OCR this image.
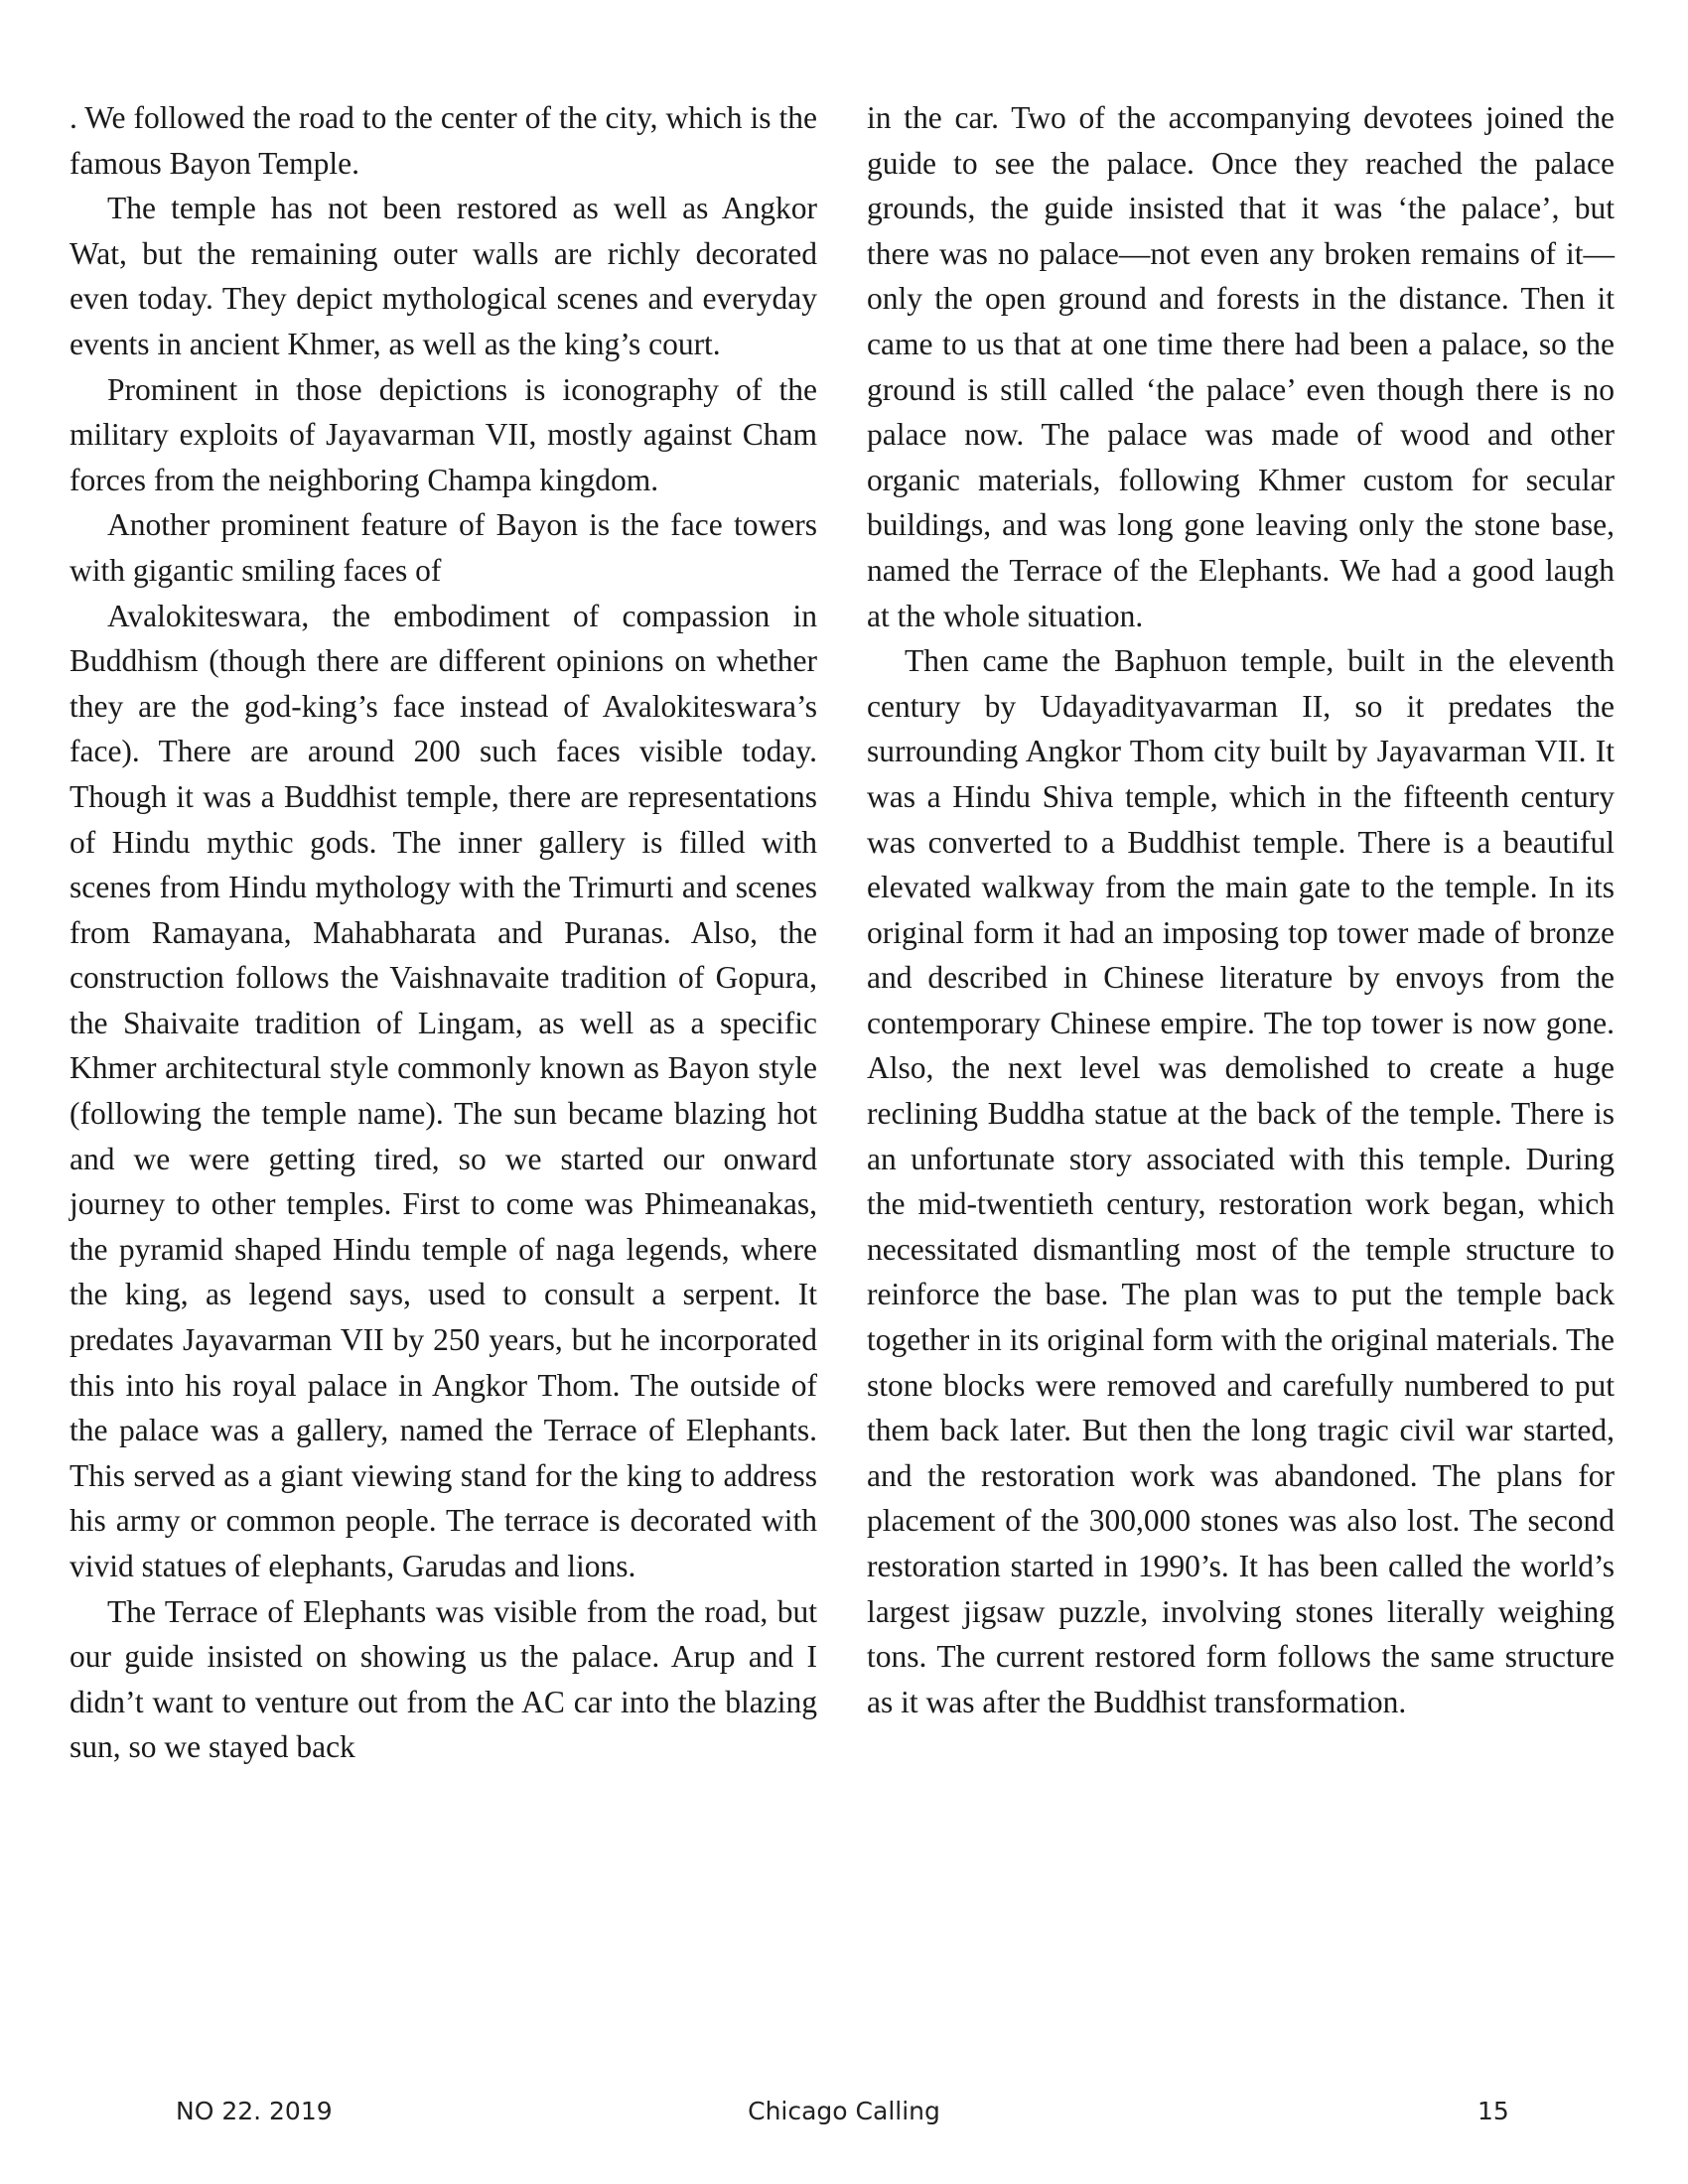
. We followed the road to the center of the city, which is the famous Bayon Temple.

The temple has not been restored as well as Angkor Wat, but the remaining outer walls are richly decorated even today. They depict mythological scenes and everyday events in ancient Khmer, as well as the king’s court.

Prominent in those depictions is iconography of the military exploits of Jayavarman VII, mostly against Cham forces from the neighboring Champa kingdom.

Another prominent feature of Bayon is the face towers with gigantic smiling faces of

Avalokiteswara, the embodiment of compassion in Buddhism (though there are different opinions on whether they are the god-king’s face instead of Avalokiteswara’s face). There are around 200 such faces visible today. Though it was a Buddhist temple, there are representations of Hindu mythic gods. The inner gallery is filled with scenes from Hindu mythology with the Trimurti and scenes from Ramayana, Mahabharata and Puranas. Also, the construction follows the Vaishnavaite tradition of Gopura, the Shaivaite tradition of Lingam, as well as a specific Khmer architectural style commonly known as Bayon style (following the temple name). The sun became blazing hot and we were getting tired, so we started our onward journey to other temples. First to come was Phimeanakas, the pyramid shaped Hindu temple of naga legends, where the king, as legend says, used to consult a serpent. It predates Jayavarman VII by 250 years, but he incorporated this into his royal palace in Angkor Thom. The outside of the palace was a gallery, named the Terrace of Elephants. This served as a giant viewing stand for the king to address his army or common people. The terrace is decorated with vivid statues of elephants, Garudas and lions.

The Terrace of Elephants was visible from the road, but our guide insisted on showing us the palace. Arup and I didn’t want to venture out from the AC car into the blazing sun, so we stayed back

in the car. Two of the accompanying devotees joined the guide to see the palace. Once they reached the palace grounds, the guide insisted that it was ‘the palace’, but there was no palace—not even any broken remains of it—only the open ground and forests in the distance. Then it came to us that at one time there had been a palace, so the ground is still called ‘the palace’ even though there is no palace now. The palace was made of wood and other organic materials, following Khmer custom for secular buildings, and was long gone leaving only the stone base, named the Terrace of the Elephants. We had a good laugh at the whole situation.

Then came the Baphuon temple, built in the eleventh century by Udayadityavarman II, so it predates the surrounding Angkor Thom city built by Jayavarman VII. It was a Hindu Shiva temple, which in the fifteenth century was converted to a Buddhist temple. There is a beautiful elevated walkway from the main gate to the temple. In its original form it had an imposing top tower made of bronze and described in Chinese literature by envoys from the contemporary Chinese empire. The top tower is now gone. Also, the next level was demolished to create a huge reclining Buddha statue at the back of the temple. There is an unfortunate story associated with this temple. During the mid-twentieth century, restoration work began, which necessitated dismantling most of the temple structure to reinforce the base. The plan was to put the temple back together in its original form with the original materials. The stone blocks were removed and carefully numbered to put them back later. But then the long tragic civil war started, and the restoration work was abandoned. The plans for placement of the 300,000 stones was also lost. The second restoration started in 1990’s. It has been called the world’s largest jigsaw puzzle, involving stones literally weighing tons. The current restored form follows the same structure as it was after the Buddhist transformation.

Chicago Calling
NO 22. 2019	15
